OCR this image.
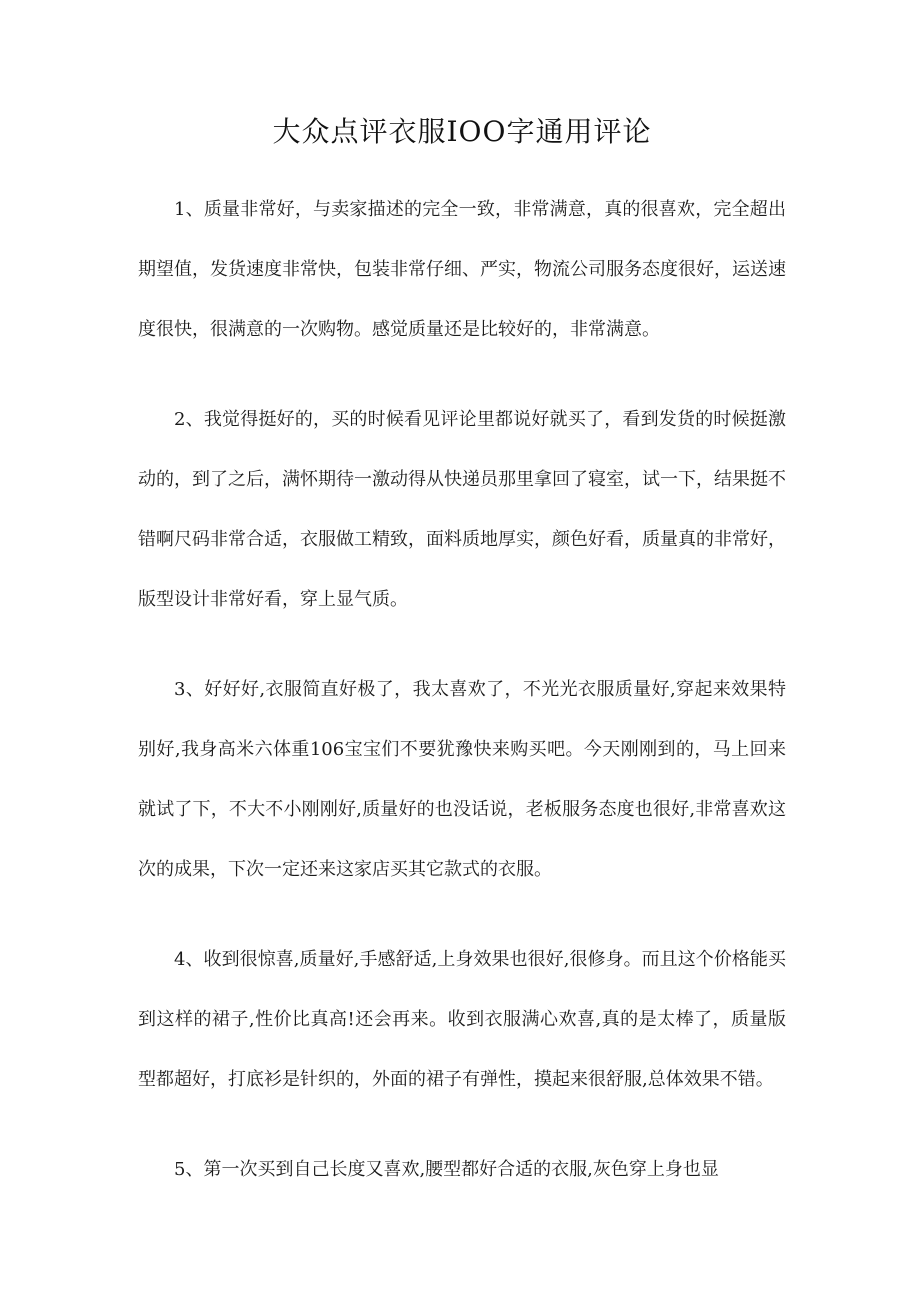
大众点评衣服IOO字通用评论

1、质量非常好，与卖家描述的完全一致，非常满意，真的很喜欢，完全超出期望值，发货速度非常快，包装非常仔细、严实，物流公司服务态度很好，运送速度很快，很满意的一次购物。感觉质量还是比较好的，非常满意。

2、我觉得挺好的，买的时候看见评论里都说好就买了，看到发货的时候挺激动的，到了之后，满怀期待一激动得从快递员那里拿回了寝室，试一下，结果挺不错啊尺码非常合适，衣服做工精致，面料质地厚实，颜色好看，质量真的非常好，版型设计非常好看，穿上显气质。

3、好好好,衣服简直好极了，我太喜欢了，不光光衣服质量好,穿起来效果特别好,我身高米六体重106宝宝们不要犹豫快来购买吧。今天刚刚到的，马上回来就试了下，不大不小刚刚好,质量好的也没话说，老板服务态度也很好,非常喜欢这次的成果，下次一定还来这家店买其它款式的衣服。

4、收到很惊喜,质量好,手感舒适,上身效果也很好,很修身。而且这个价格能买到这样的裙子,性价比真高!还会再来。收到衣服满心欢喜,真的是太棒了，质量版型都超好，打底衫是针织的，外面的裙子有弹性，摸起来很舒服,总体效果不错。

5、第一次买到自己长度又喜欢,腰型都好合适的衣服,灰色穿上身也显
